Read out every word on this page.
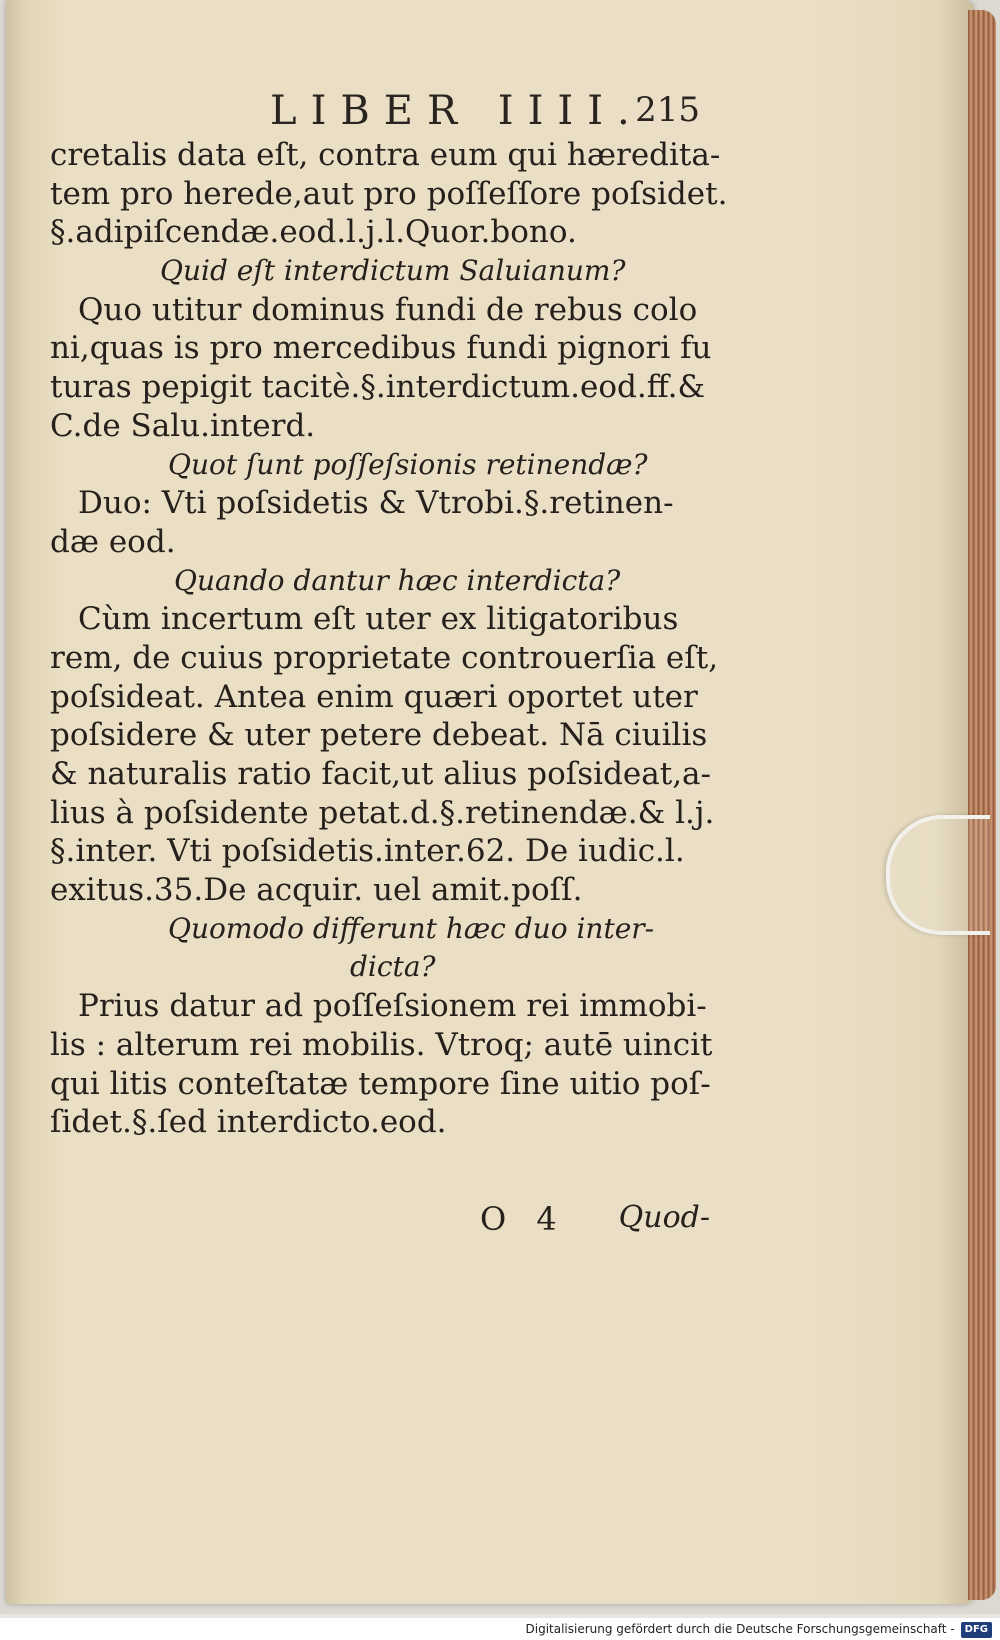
LIBER IIII.
215
cretalis data eſt, contra eum qui hæredita-
tem pro herede,aut pro poſſeſſore poſsidet.
§.adipiſcendæ.eod.l.j.l.Quor.bono.
Quid eſt interdictum Saluianum?
Quo utitur dominus fundi de rebus colo
ni,quas is pro mercedibus fundi pignori fu
turas pepigit tacitè.§.interdictum.eod.ff.&
C.de Salu.interd.
Quot ſunt poſſeſsionis retinendæ?
Duo: Vti poſsidetis & Vtrobi.§.retinen-
dæ eod.
Quando dantur hæc interdicta?
Cùm incertum eſt uter ex litigatoribus
rem, de cuius proprietate controuerſia eſt,
poſsideat. Antea enim quæri oportet uter
poſsidere & uter petere debeat. Nā ciuilis
& naturalis ratio facit,ut alius poſsideat,a-
lius à poſsidente petat.d.§.retinendæ.& l.j.
§.inter. Vti poſsidetis.inter.62. De iudic.l.
exitus.35.De acquir. uel amit.poſſ.
Quomodo differunt hæc duo inter-
dicta?
Prius datur ad poſſeſsionem rei immobi-
lis : alterum rei mobilis. Vtroq; autē uincit
qui litis conteſtatæ tempore ſine uitio poſ-
ſidet.§.ſed interdicto.eod.
O 4 Quod-
Digitalisierung gefördert durch die Deutsche Forschungsgemeinschaft - DFG
